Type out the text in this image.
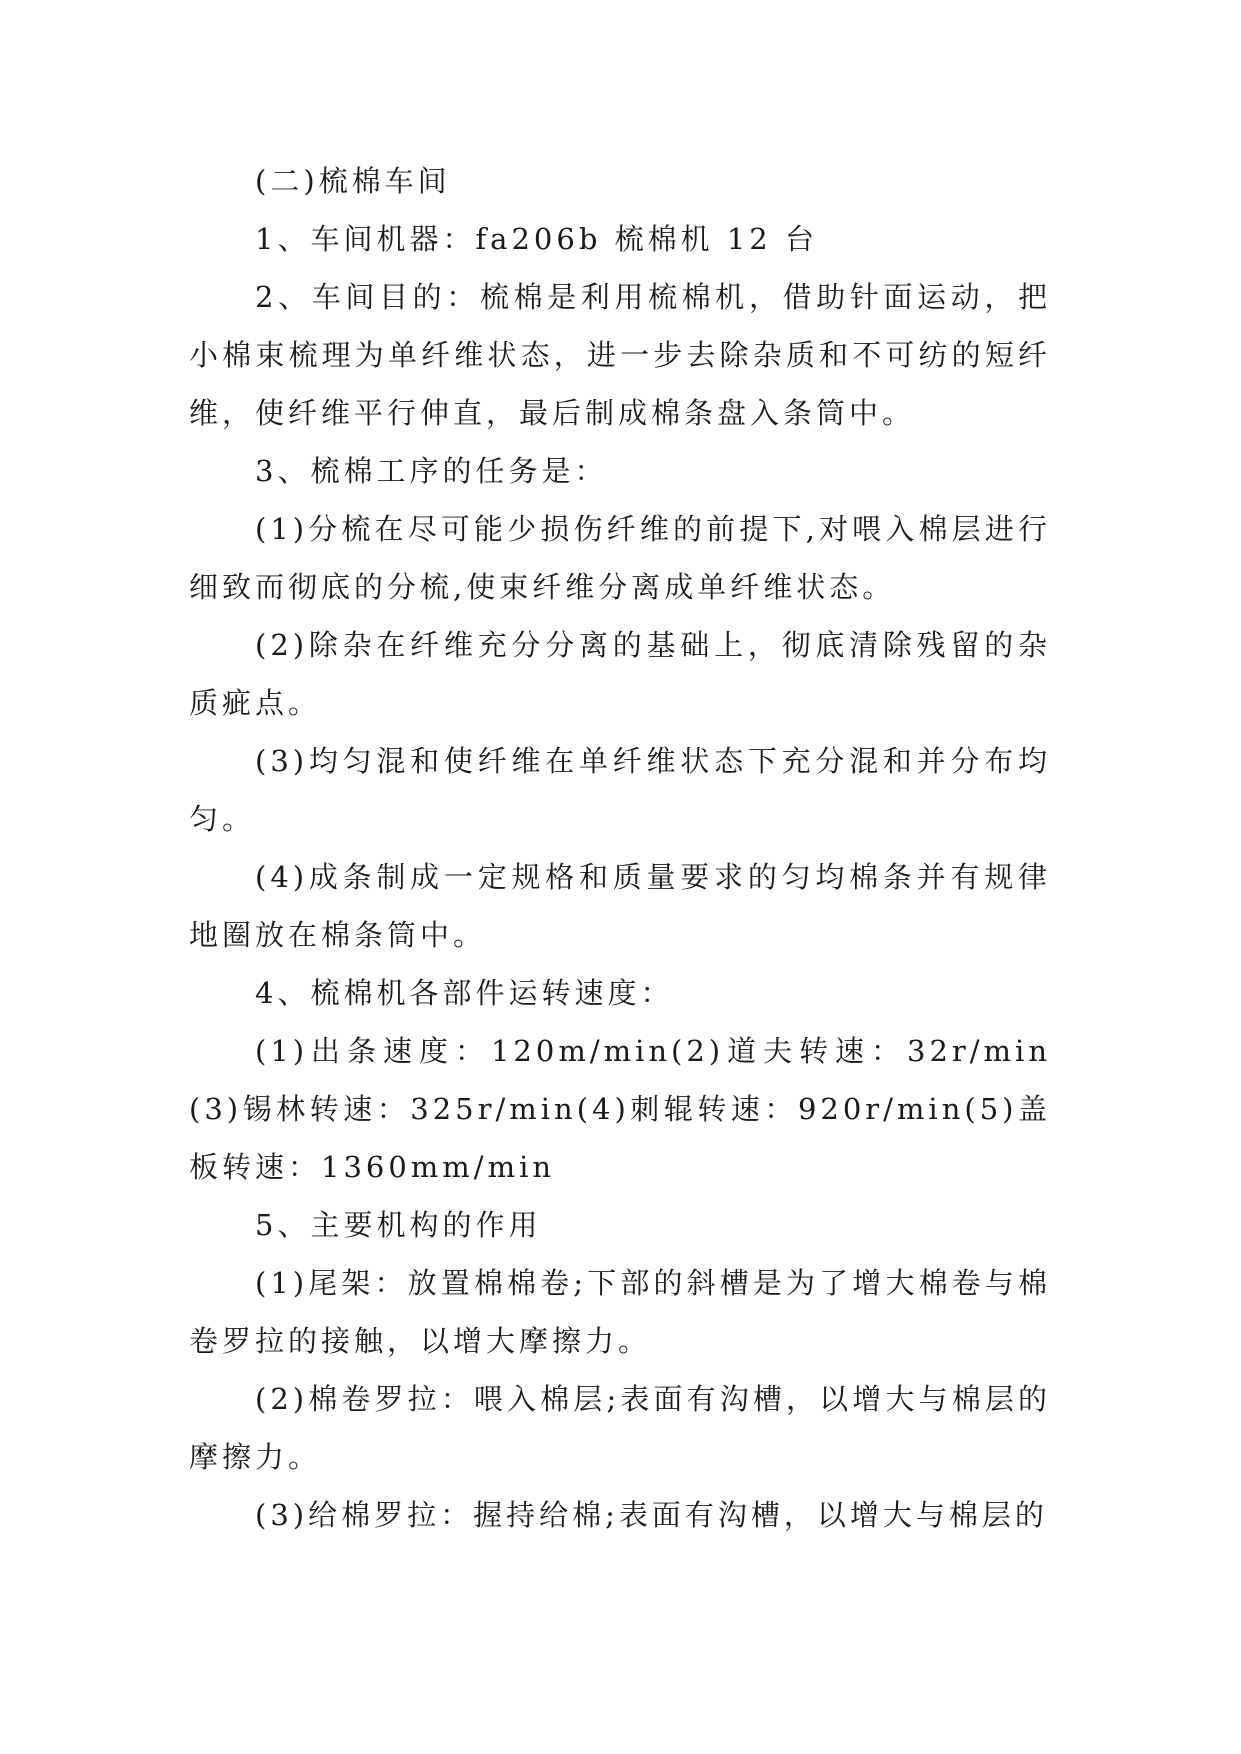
(二)梳棉车间

1、车间机器：fa206b 梳棉机 12 台

2、车间目的：梳棉是利用梳棉机，借助针面运动，把小棉束梳理为单纤维状态，进一步去除杂质和不可纺的短纤维，使纤维平行伸直，最后制成棉条盘入条筒中。

3、梳棉工序的任务是：

(1)分梳在尽可能少损伤纤维的前提下,对喂入棉层进行细致而彻底的分梳,使束纤维分离成单纤维状态。

(2)除杂在纤维充分分离的基础上，彻底清除残留的杂质疵点。

(3)均匀混和使纤维在单纤维状态下充分混和并分布均匀。

(4)成条制成一定规格和质量要求的匀均棉条并有规律地圈放在棉条筒中。

4、梳棉机各部件运转速度：

(1)出条速度：120m/min(2)道夫转速：32r/min(3)锡林转速：325r/min(4)刺辊转速：920r/min(5)盖板转速：1360mm/min

5、主要机构的作用

(1)尾架：放置棉棉卷;下部的斜槽是为了增大棉卷与棉卷罗拉的接触，以增大摩擦力。

(2)棉卷罗拉：喂入棉层;表面有沟槽，以增大与棉层的摩擦力。

(3)给棉罗拉：握持给棉;表面有沟槽，以增大与棉层的
